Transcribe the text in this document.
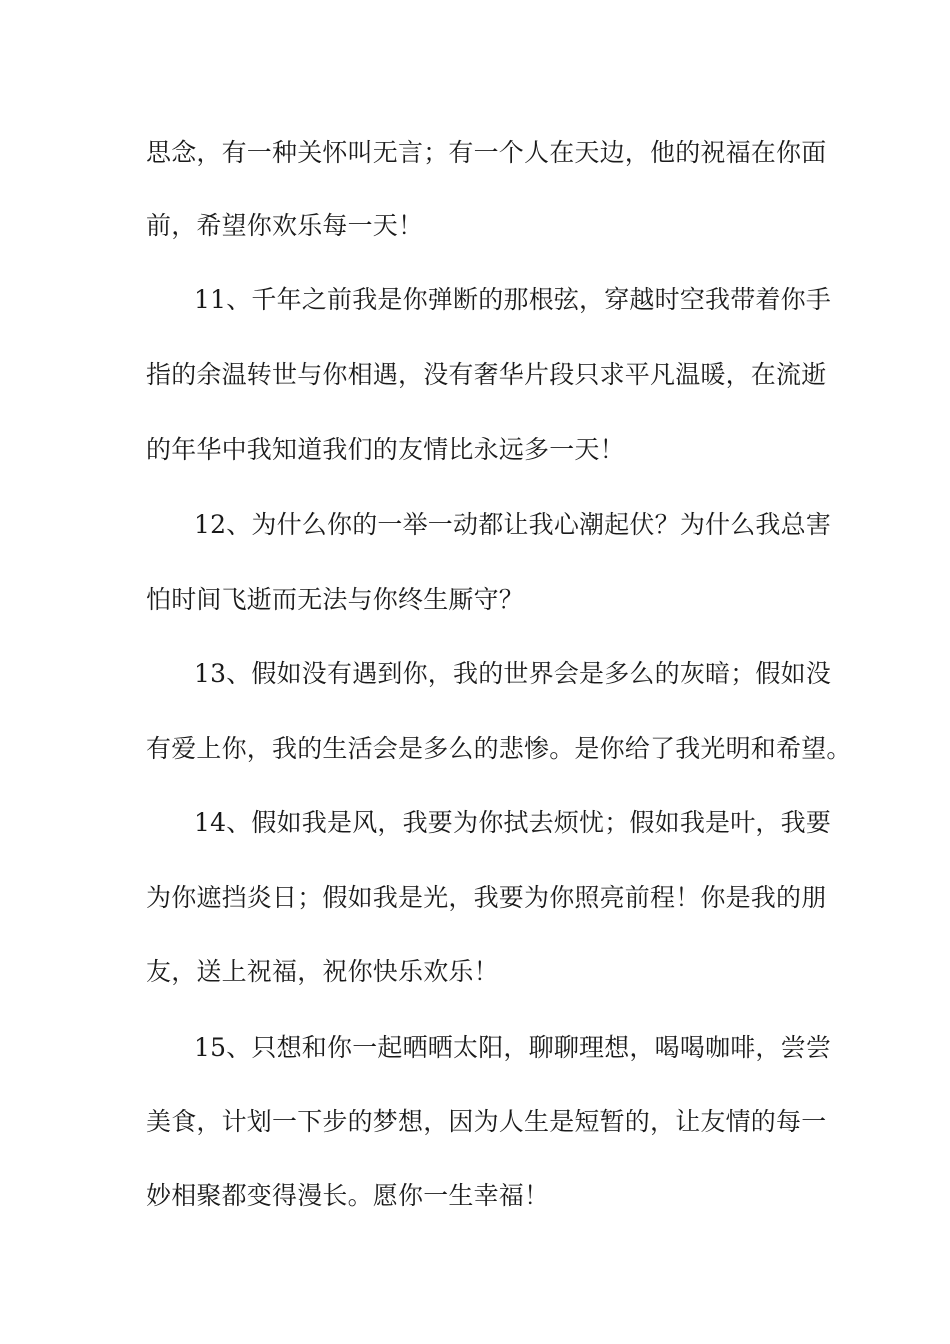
思念，有一种关怀叫无言；有一个人在天边，他的祝福在你面
前，希望你欢乐每一天！
11、千年之前我是你弹断的那根弦，穿越时空我带着你手
指的余温转世与你相遇，没有奢华片段只求平凡温暖，在流逝
的年华中我知道我们的友情比永远多一天！
12、为什么你的一举一动都让我心潮起伏？为什么我总害
怕时间飞逝而无法与你终生厮守？
13、假如没有遇到你，我的世界会是多么的灰暗；假如没
有爱上你，我的生活会是多么的悲惨。是你给了我光明和希望。
14、假如我是风，我要为你拭去烦忧；假如我是叶，我要
为你遮挡炎日；假如我是光，我要为你照亮前程！你是我的朋
友，送上祝福，祝你快乐欢乐！
15、只想和你一起晒晒太阳，聊聊理想，喝喝咖啡，尝尝
美食，计划一下步的梦想，因为人生是短暂的，让友情的每一
妙相聚都变得漫长。愿你一生幸福！
